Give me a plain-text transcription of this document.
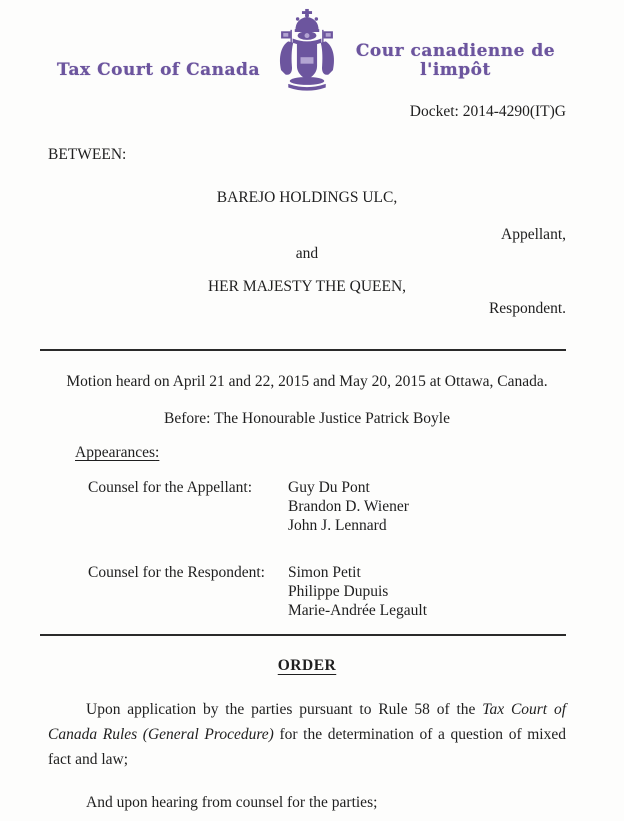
Tax Court of Canada
Cour canadienne de l'impôt
Docket: 2014-4290(IT)G
BETWEEN:
BAREJO HOLDINGS ULC,
Appellant,
and
HER MAJESTY THE QUEEN,
Respondent.
Motion heard on April 21 and 22, 2015 and May 20, 2015 at Ottawa, Canada.
Before: The Honourable Justice Patrick Boyle
Appearances:
Counsel for the Appellant:	Guy Du Pont
Brandon D. Wiener
John J. Lennard
Counsel for the Respondent:	Simon Petit
Philippe Dupuis
Marie-Andrée Legault
ORDER
Upon application by the parties pursuant to Rule 58 of the Tax Court of Canada Rules (General Procedure) for the determination of a question of mixed fact and law;
And upon hearing from counsel for the parties;
